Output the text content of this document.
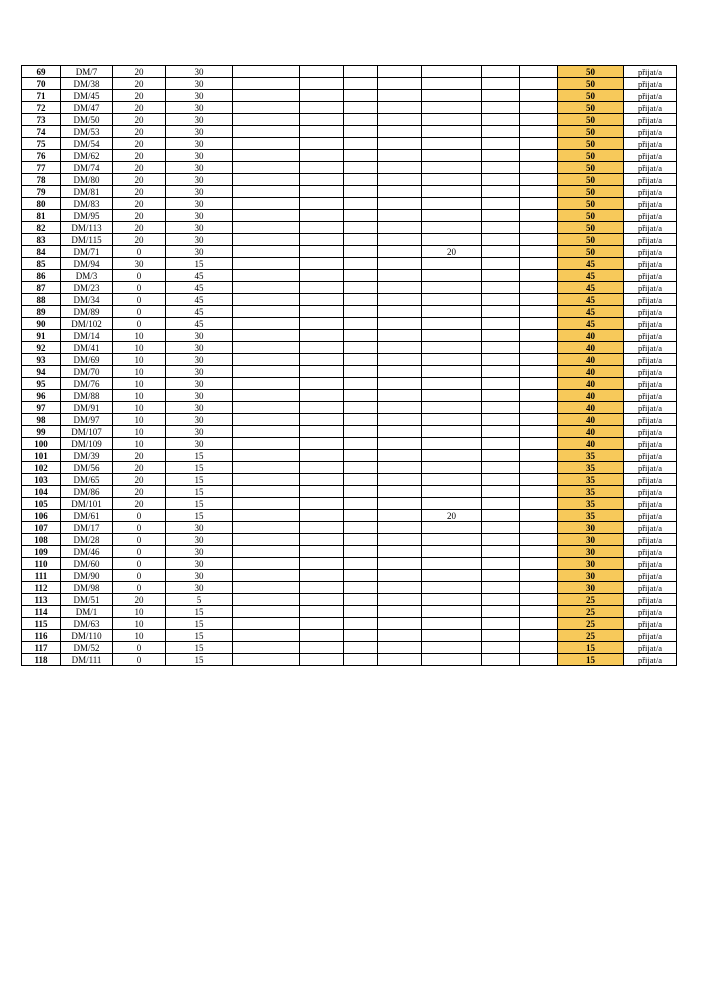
69	DM/7	20	30								50	přijat/a
70	DM/38	20	30								50	přijat/a
71	DM/45	20	30								50	přijat/a
72	DM/47	20	30								50	přijat/a
73	DM/50	20	30								50	přijat/a
74	DM/53	20	30								50	přijat/a
75	DM/54	20	30								50	přijat/a
76	DM/62	20	30								50	přijat/a
77	DM/74	20	30								50	přijat/a
78	DM/80	20	30								50	přijat/a
79	DM/81	20	30								50	přijat/a
80	DM/83	20	30								50	přijat/a
81	DM/95	20	30								50	přijat/a
82	DM/113	20	30								50	přijat/a
83	DM/115	20	30								50	přijat/a
84	DM/71	0	30					20			50	přijat/a
85	DM/94	30	15								45	přijat/a
86	DM/3	0	45								45	přijat/a
87	DM/23	0	45								45	přijat/a
88	DM/34	0	45								45	přijat/a
89	DM/89	0	45								45	přijat/a
90	DM/102	0	45								45	přijat/a
91	DM/14	10	30								40	přijat/a
92	DM/41	10	30								40	přijat/a
93	DM/69	10	30								40	přijat/a
94	DM/70	10	30								40	přijat/a
95	DM/76	10	30								40	přijat/a
96	DM/88	10	30								40	přijat/a
97	DM/91	10	30								40	přijat/a
98	DM/97	10	30								40	přijat/a
99	DM/107	10	30								40	přijat/a
100	DM/109	10	30								40	přijat/a
101	DM/39	20	15								35	přijat/a
102	DM/56	20	15								35	přijat/a
103	DM/65	20	15								35	přijat/a
104	DM/86	20	15								35	přijat/a
105	DM/101	20	15								35	přijat/a
106	DM/61	0	15					20			35	přijat/a
107	DM/17	0	30								30	přijat/a
108	DM/28	0	30								30	přijat/a
109	DM/46	0	30								30	přijat/a
110	DM/60	0	30								30	přijat/a
111	DM/90	0	30								30	přijat/a
112	DM/98	0	30								30	přijat/a
113	DM/51	20	5								25	přijat/a
114	DM/1	10	15								25	přijat/a
115	DM/63	10	15								25	přijat/a
116	DM/110	10	15								25	přijat/a
117	DM/52	0	15								15	přijat/a
118	DM/111	0	15								15	přijat/a
